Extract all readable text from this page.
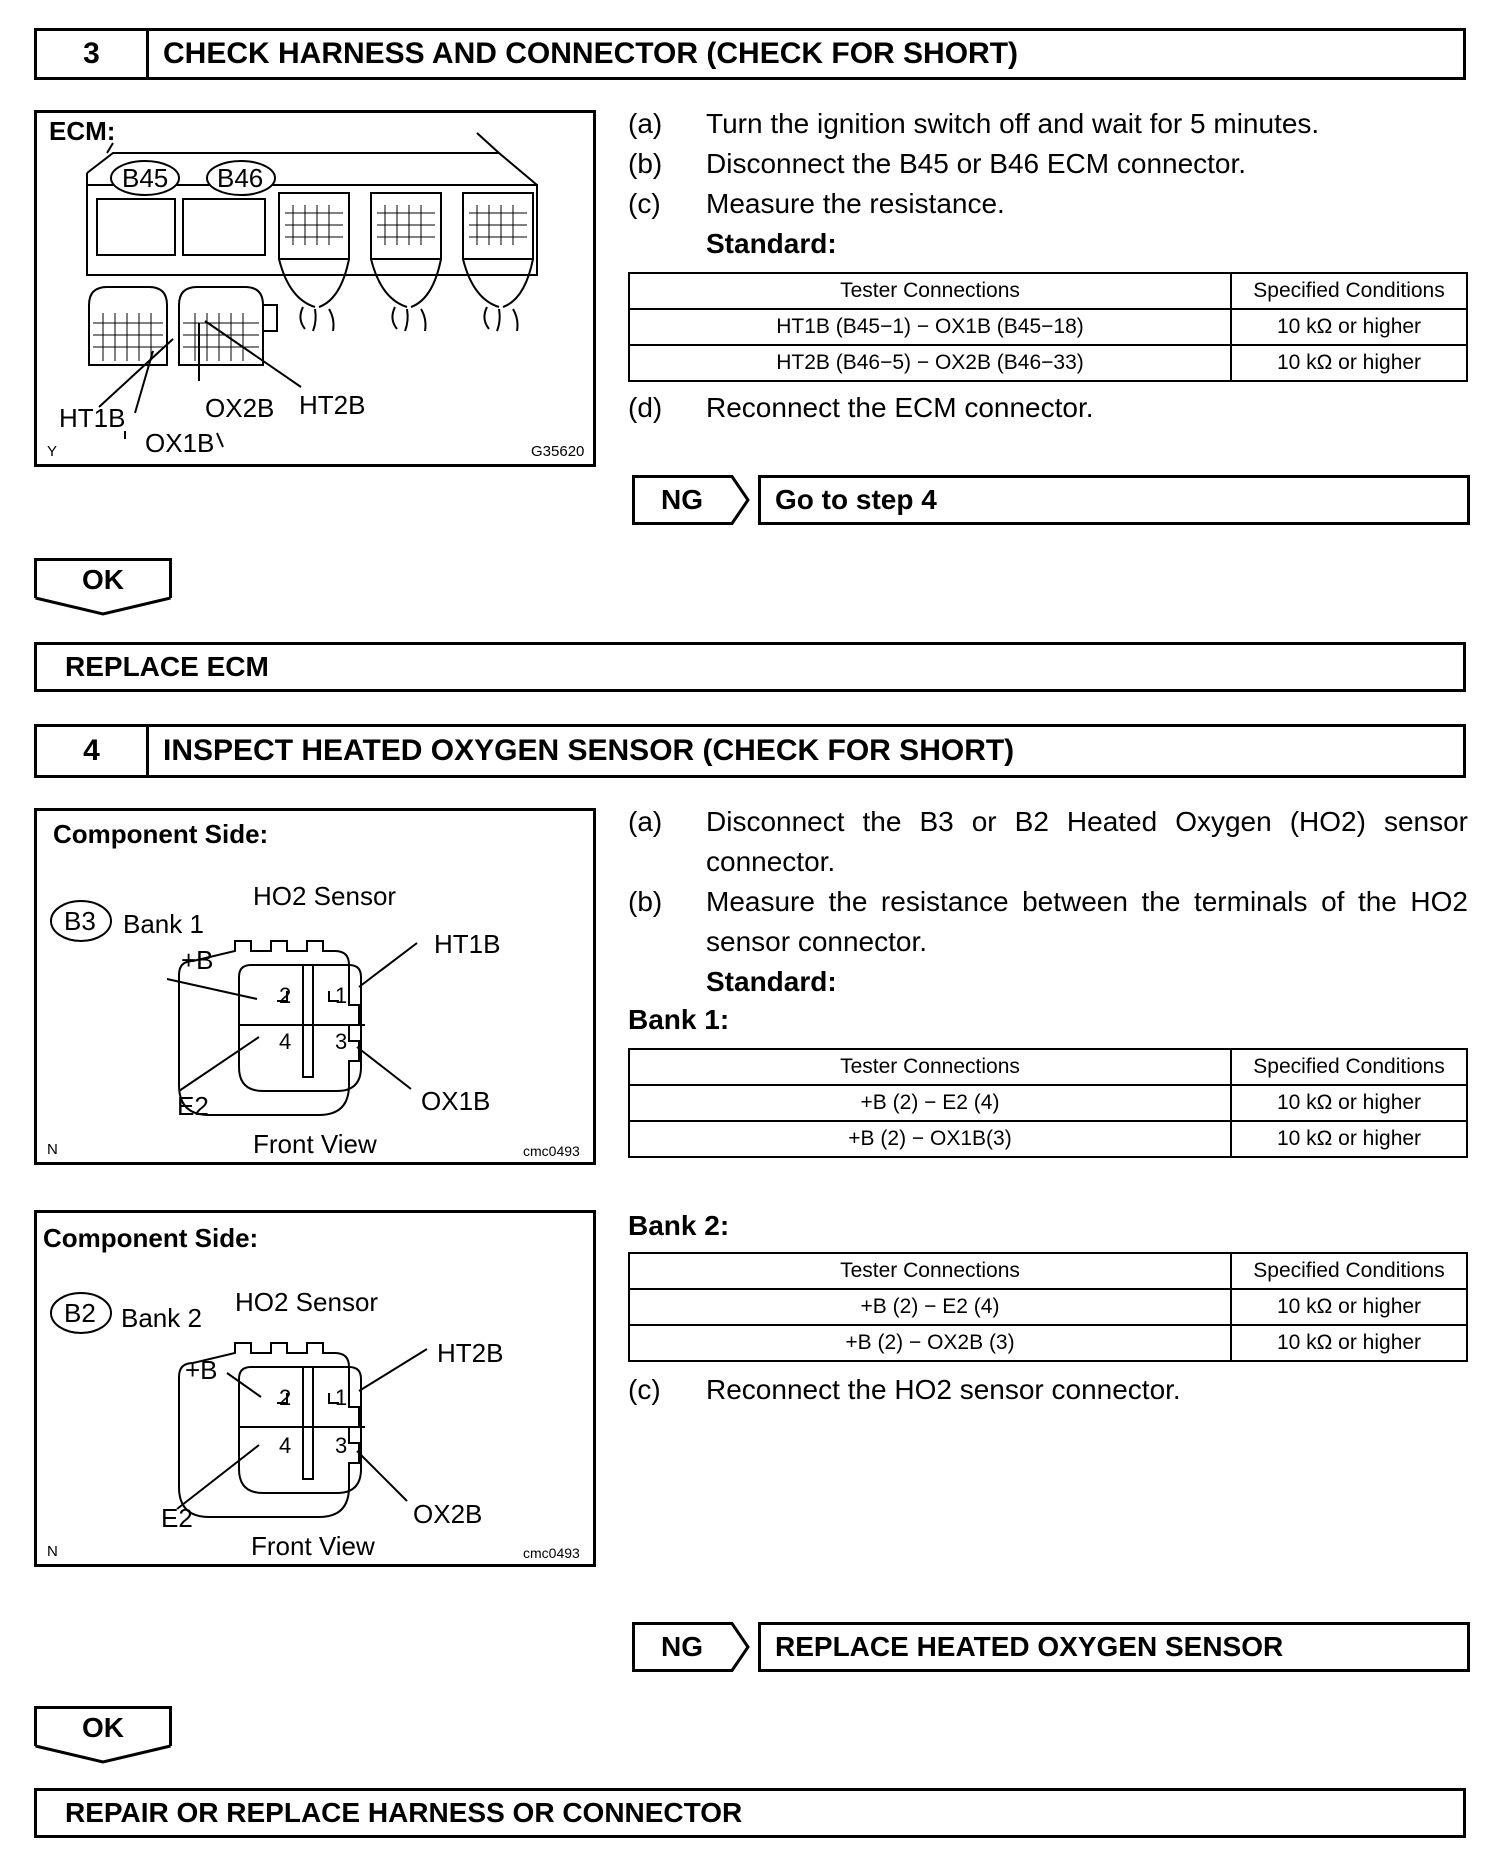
3	CHECK HARNESS AND CONNECTOR (CHECK FOR SHORT)
ECM:
B45 B46
HT1B	OX2B HT2B
OX1B
Y	G35620
(a)	Turn the ignition switch off and wait for 5 minutes.
(b)	Disconnect the B45 or B46 ECM connector.
(c)	Measure the resistance.
Standard:
Tester Connections	Specified Conditions
HT1B (B45−1) − OX1B (B45−18)	10 kΩ or higher
HT2B (B46−5) − OX2B (B46−33)	10 kΩ or higher
(d)	Reconnect the ECM connector.
NG	Go to step 4
OK
REPLACE ECM
4	INSPECT HEATED OXYGEN SENSOR (CHECK FOR SHORT)
Component Side:
B3 Bank 1
HO2 Sensor
+B
HT1B
2 1
4 3
E2	OX1B
Front View
N	cmc0493
Component Side:
B2 Bank 2
HO2 Sensor
+B
HT2B
2 1
4 3
E2	OX2B
Front View
N	cmc0493
(a)	Disconnect the B3 or B2 Heated Oxygen (HO2) sensor connector.
(b)	Measure the resistance between the terminals of the HO2 sensor connector.
Standard:
Bank 1:
Tester Connections	Specified Conditions
+B (2) − E2 (4)	10 kΩ or higher
+B (2) − OX1B(3)	10 kΩ or higher
Bank 2:
Tester Connections	Specified Conditions
+B (2) − E2 (4)	10 kΩ or higher
+B (2) − OX2B (3)	10 kΩ or higher
(c)	Reconnect the HO2 sensor connector.
NG	REPLACE HEATED OXYGEN SENSOR
OK
REPAIR OR REPLACE HARNESS OR CONNECTOR
